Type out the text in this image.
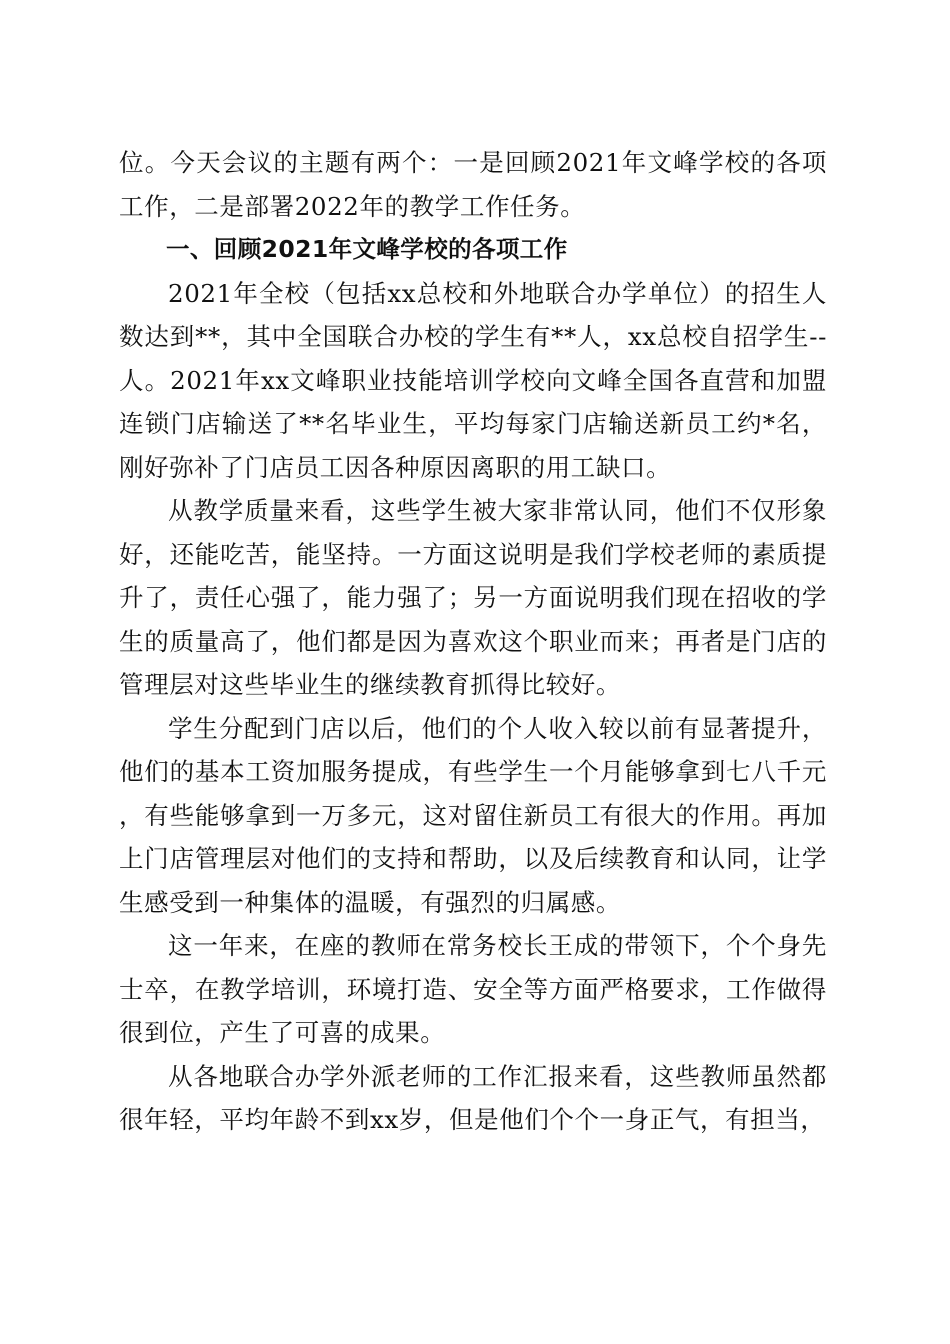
位。今天会议的主题有两个：一是回顾2021年文峰学校的各项工作，二是部署2022年的教学工作任务。

一、回顾2021年文峰学校的各项工作

2021年全校（包括xx总校和外地联合办学单位）的招生人数达到**，其中全国联合办校的学生有**人，xx总校自招学生--人。2021年xx文峰职业技能培训学校向文峰全国各直营和加盟连锁门店输送了**名毕业生，平均每家门店输送新员工约*名，刚好弥补了门店员工因各种原因离职的用工缺口。

从教学质量来看，这些学生被大家非常认同，他们不仅形象好，还能吃苦，能坚持。一方面这说明是我们学校老师的素质提升了，责任心强了，能力强了；另一方面说明我们现在招收的学生的质量高了，他们都是因为喜欢这个职业而来；再者是门店的管理层对这些毕业生的继续教育抓得比较好。

学生分配到门店以后，他们的个人收入较以前有显著提升，他们的基本工资加服务提成，有些学生一个月能够拿到七八千元，有些能够拿到一万多元，这对留住新员工有很大的作用。再加上门店管理层对他们的支持和帮助，以及后续教育和认同，让学生感受到一种集体的温暖，有强烈的归属感。

这一年来，在座的教师在常务校长王成的带领下，个个身先士卒，在教学培训，环境打造、安全等方面严格要求，工作做得很到位，产生了可喜的成果。

从各地联合办学外派老师的工作汇报来看，这些教师虽然都很年轻，平均年龄不到xx岁，但是他们个个一身正气，有担当，
